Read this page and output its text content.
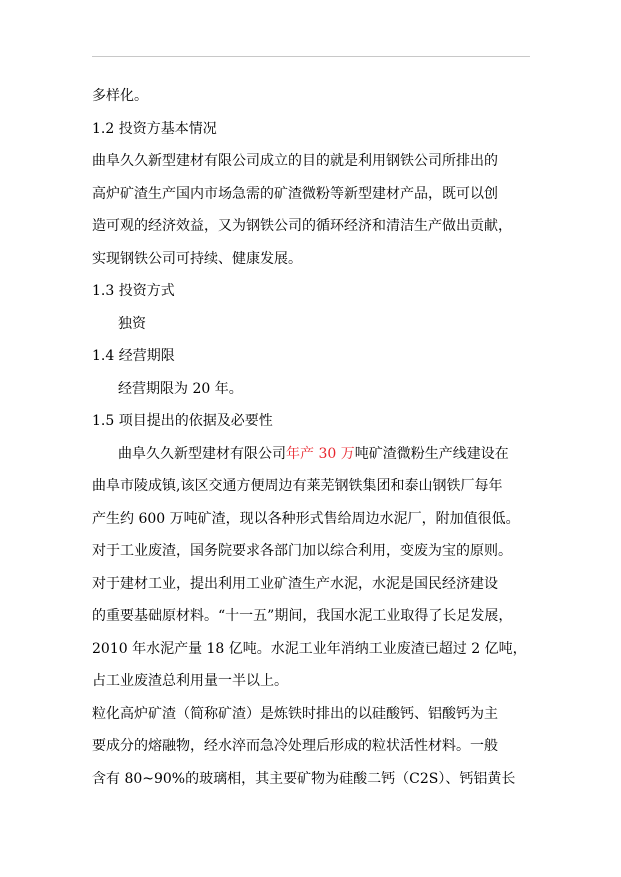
多样化。
1.2 投资方基本情况
曲阜久久新型建材有限公司成立的目的就是利用钢铁公司所排出的
高炉矿渣生产国内市场急需的矿渣微粉等新型建材产品，既可以创
造可观的经济效益，又为钢铁公司的循环经济和清洁生产做出贡献，
实现钢铁公司可持续、健康发展。
1.3 投资方式
独资
1.4 经营期限
经营期限为 20 年。
1.5 项目提出的依据及必要性
曲阜久久新型建材有限公司年产 30 万吨矿渣微粉生产线建设在
曲阜市陵成镇,该区交通方便周边有莱芜钢铁集团和泰山钢铁厂每年
产生约 600 万吨矿渣，现以各种形式售给周边水泥厂，附加值很低。
对于工业废渣，国务院要求各部门加以综合利用，变废为宝的原则。
对于建材工业，提出利用工业矿渣生产水泥，水泥是国民经济建设
的重要基础原材料。“十一五”期间，我国水泥工业取得了长足发展，
2010 年水泥产量 18 亿吨。水泥工业年消纳工业废渣已超过 2 亿吨，
占工业废渣总利用量一半以上。
粒化高炉矿渣（简称矿渣）是炼铁时排出的以硅酸钙、铝酸钙为主
要成分的熔融物，经水淬而急冷处理后形成的粒状活性材料。一般
含有 80~90%的玻璃相，其主要矿物为硅酸二钙（C2S）、钙铝黄长
